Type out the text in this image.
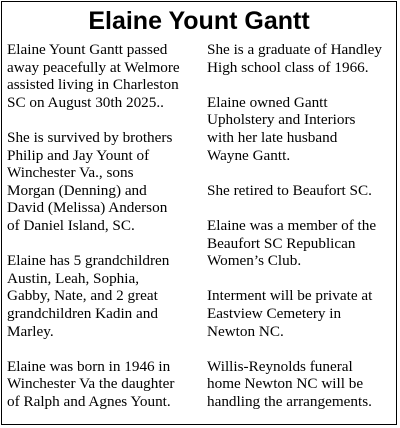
Elaine Yount Gantt

Elaine Yount Gantt passed
away peacefully at Welmore
assisted living in Charleston
SC on August 30th 2025..

She is survived by brothers
Philip and Jay Yount of
Winchester Va., sons
Morgan (Denning) and
David (Melissa) Anderson
of Daniel Island, SC.

Elaine has 5 grandchildren
Austin, Leah, Sophia,
Gabby, Nate, and 2 great
grandchildren Kadin and
Marley.

Elaine was born in 1946 in
Winchester Va the daughter
of Ralph and Agnes Yount.

She is a graduate of Handley
High school class of 1966.

Elaine owned Gantt
Upholstery and Interiors
with her late husband
Wayne Gantt.

She retired to Beaufort SC.

Elaine was a member of the
Beaufort SC Republican
Women’s Club.

Interment will be private at
Eastview Cemetery in
Newton NC.

Willis-Reynolds funeral
home Newton NC will be
handling the arrangements.
